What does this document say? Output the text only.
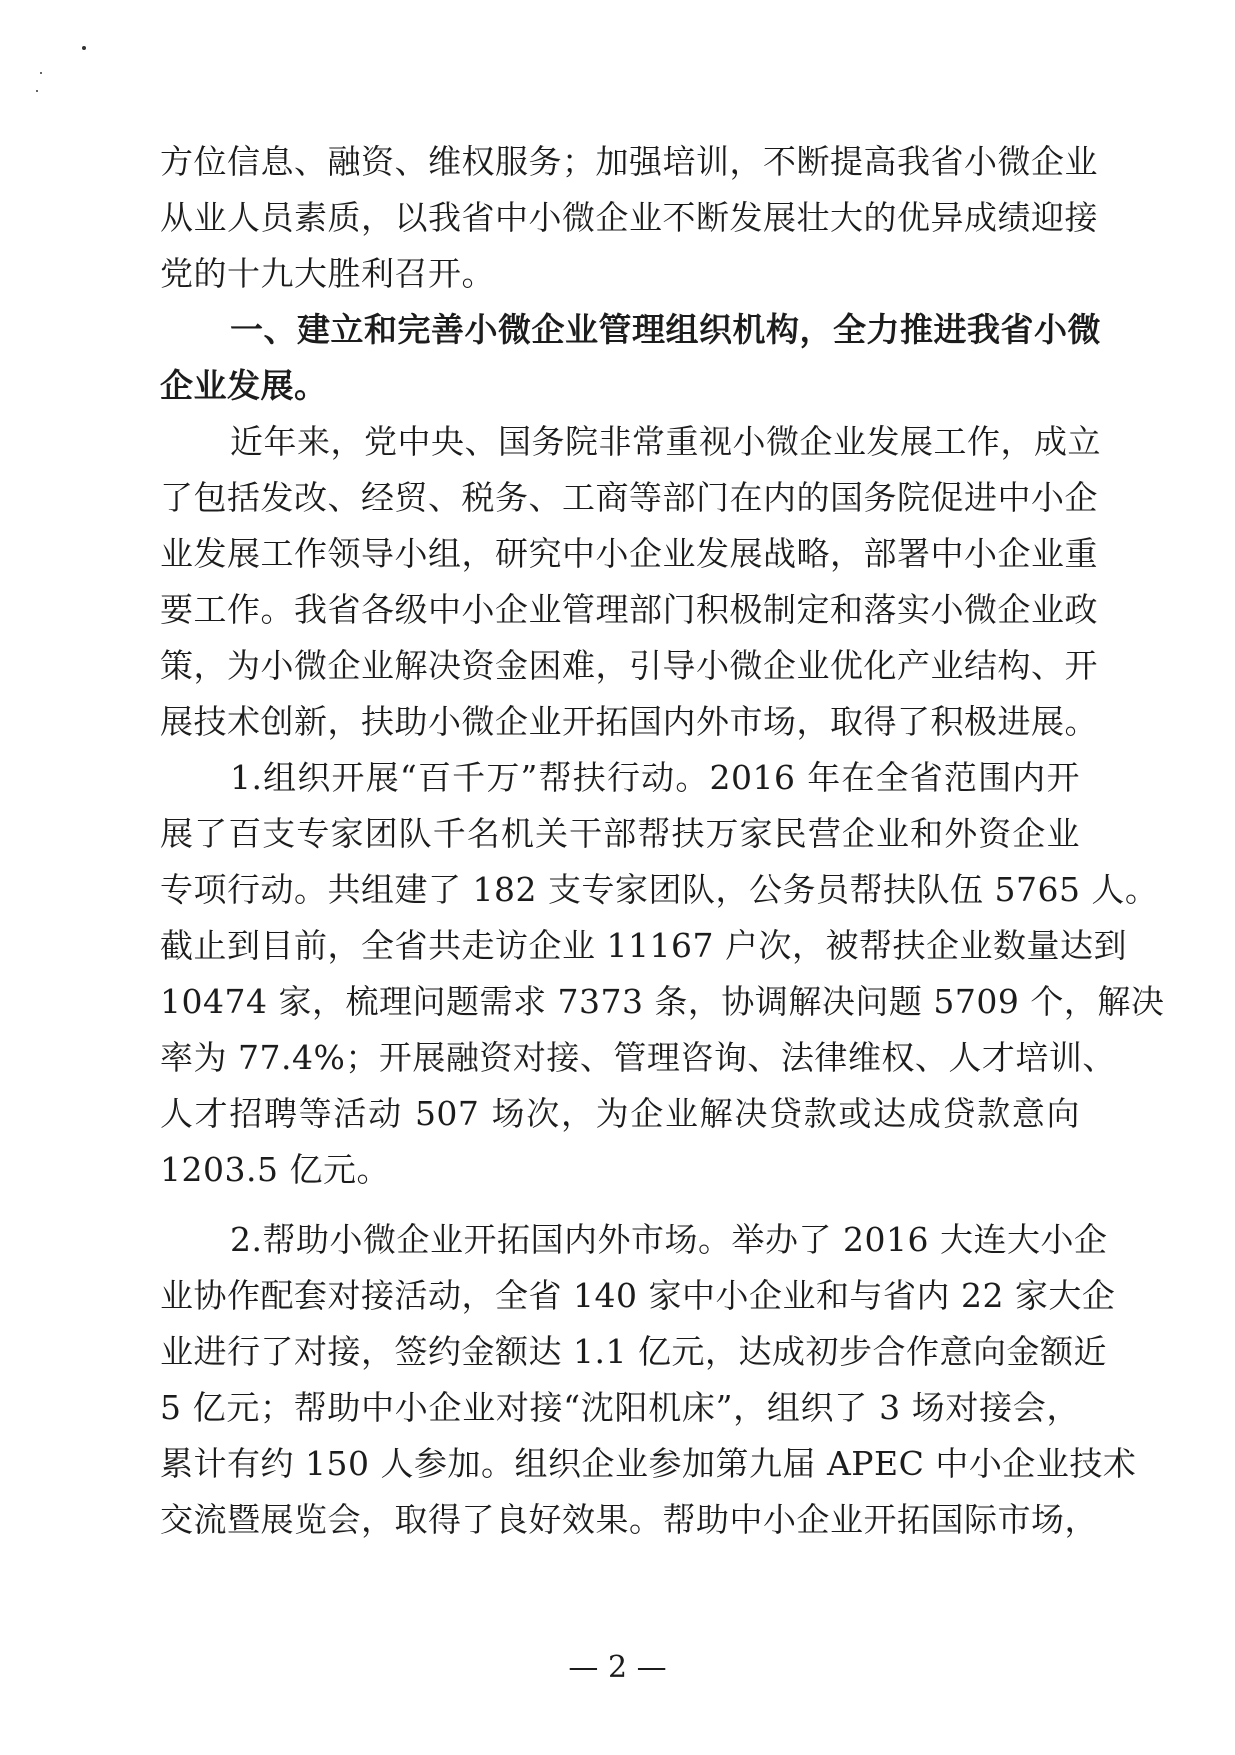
方位信息、融资、维权服务；加强培训，不断提高我省小微企业
从业人员素质，以我省中小微企业不断发展壮大的优异成绩迎接
党的十九大胜利召开。
一、建立和完善小微企业管理组织机构，全力推进我省小微
企业发展。
近年来，党中央、国务院非常重视小微企业发展工作，成立
了包括发改、经贸、税务、工商等部门在内的国务院促进中小企
业发展工作领导小组，研究中小企业发展战略，部署中小企业重
要工作。我省各级中小企业管理部门积极制定和落实小微企业政
策，为小微企业解决资金困难，引导小微企业优化产业结构、开
展技术创新，扶助小微企业开拓国内外市场，取得了积极进展。
1.组织开展“百千万”帮扶行动。2016 年在全省范围内开
展了百支专家团队千名机关干部帮扶万家民营企业和外资企业
专项行动。共组建了 182 支专家团队，公务员帮扶队伍 5765 人。
截止到目前，全省共走访企业 11167 户次，被帮扶企业数量达到
10474 家，梳理问题需求 7373 条，协调解决问题 5709 个，解决
率为 77.4%；开展融资对接、管理咨询、法律维权、人才培训、
人才招聘等活动 507 场次，为企业解决贷款或达成贷款意向
1203.5 亿元。
2.帮助小微企业开拓国内外市场。举办了 2016 大连大小企
业协作配套对接活动，全省 140 家中小企业和与省内 22 家大企
业进行了对接，签约金额达 1.1 亿元，达成初步合作意向金额近
5 亿元；帮助中小企业对接“沈阳机床”，组织了 3 场对接会，
累计有约 150 人参加。组织企业参加第九届 APEC 中小企业技术
交流暨展览会，取得了良好效果。帮助中小企业开拓国际市场，
— 2 —
